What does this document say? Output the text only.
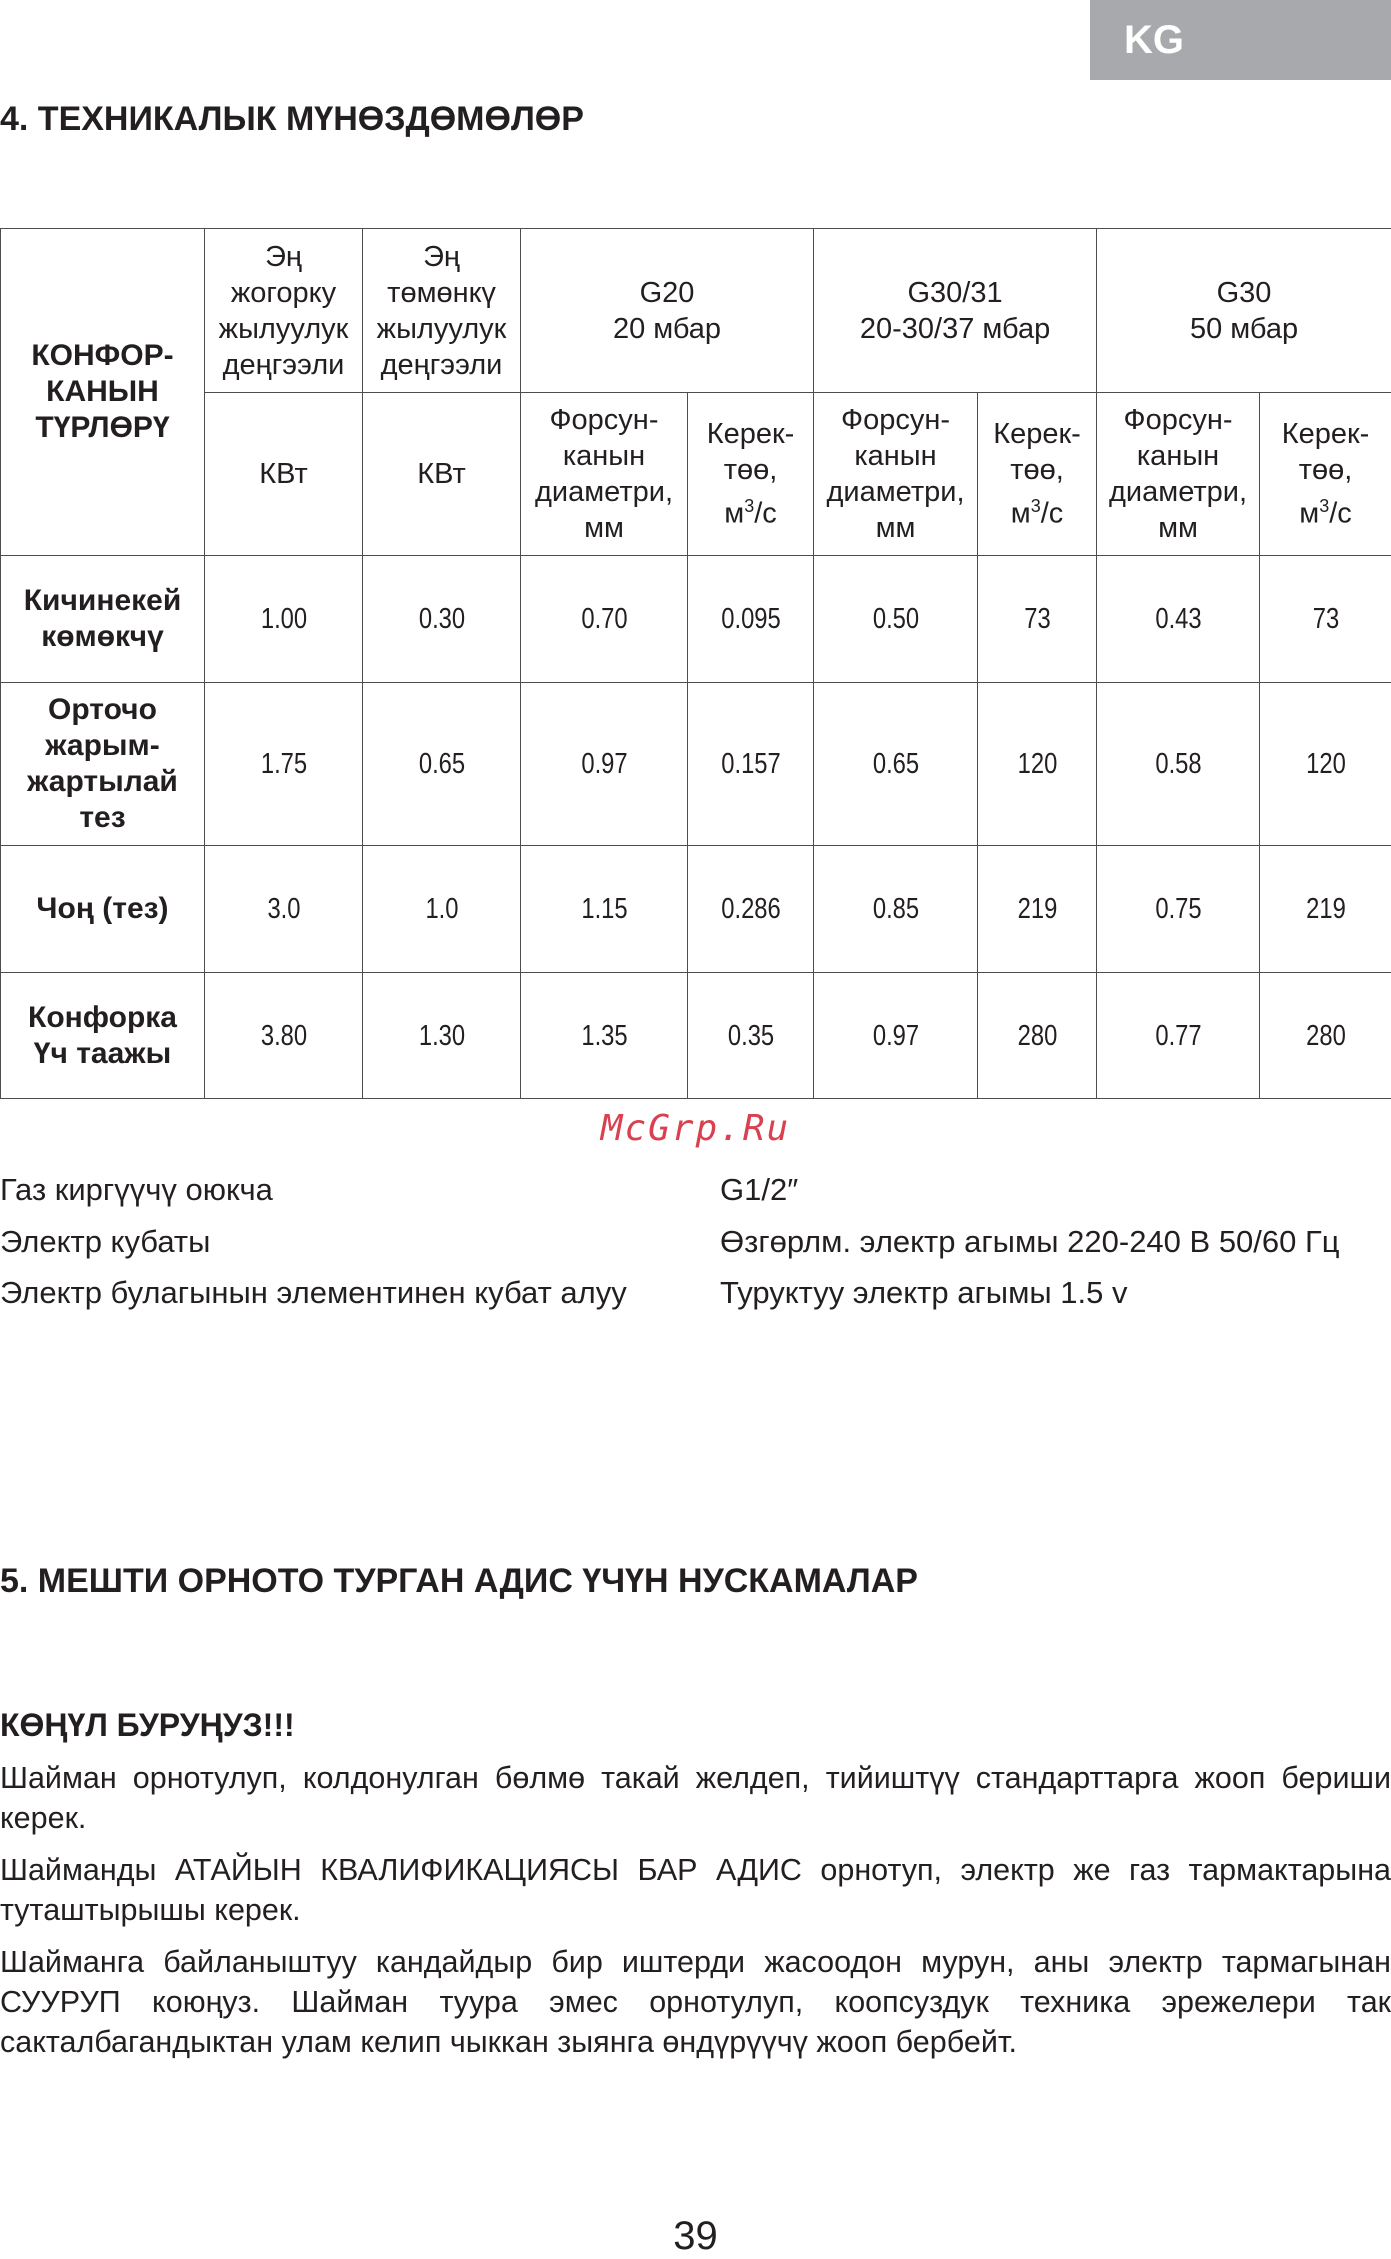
KG
4. ТЕХНИКАЛЫК МҮНӨЗДӨМӨЛӨР
КОНФОР-
КАНЫН
ТҮРЛӨРҮ	Эң
жогорку
жылуулук
деңгээли	Эң
төмөнкү
жылуулук
деңгээли	G20
20 мбар		G30/31
20-30/37 мбар		G30
50 мбар	

	КВт	КВт	Форсун-
канын
диаметри,
мм	Керек-
төө,
$м^3/с$	Форсун-
канын
диаметри,
мм	Керек-
төө,
$м^3/с$	Форсун-
канын
диаметри,
мм	Керек-
төө,
$м^3/с$

Кичинекей
көмөкчү	1.00	0.30	0.70	0.095	0.50	73	0.43	73

Орточо
жарым-
жартылай
тез	1.75	0.65	0.97	0.157	0.65	120	0.58	120

Чоң (тез)	3.0	1.0	1.15	0.286	0.85	219	0.75	219

Конфорка
Үч таажы	3.80	1.30	1.35	0.35	0.97	280	0.77	280
McGrp.Ru
Газ киргүүчү оюкча	G1/2″
Электр кубаты	Өзгөрлм. электр агымы 220-240 В 50/60 Гц
Электр булагынын элементинен кубат алуу	Туруктуу электр агымы 1.5 v
5. МЕШТИ ОРНОТО ТУРГАН АДИС ҮЧҮН НУСКАМАЛАР
КӨҢҮЛ БУРУҢУЗ!!!

Шайман орнотулуп, колдонулган бөлмө такай желдеп, тийиштүү стандарттарга жооп бериши керек.

Шайманды АТАЙЫН КВАЛИФИКАЦИЯСЫ БАР АДИС орнотуп, электр же газ тармактарына туташтырышы керек.

Шайманга байланыштуу кандайдыр бир иштерди жасоодон мурун, аны электр тармагынан СУУРУП коюңуз. Шайман туура эмес орнотулуп, коопсуздук техника эрежелери так сакталбагандыктан улам келип чыккан зыянга өндүрүүчү жооп бербейт.

39
